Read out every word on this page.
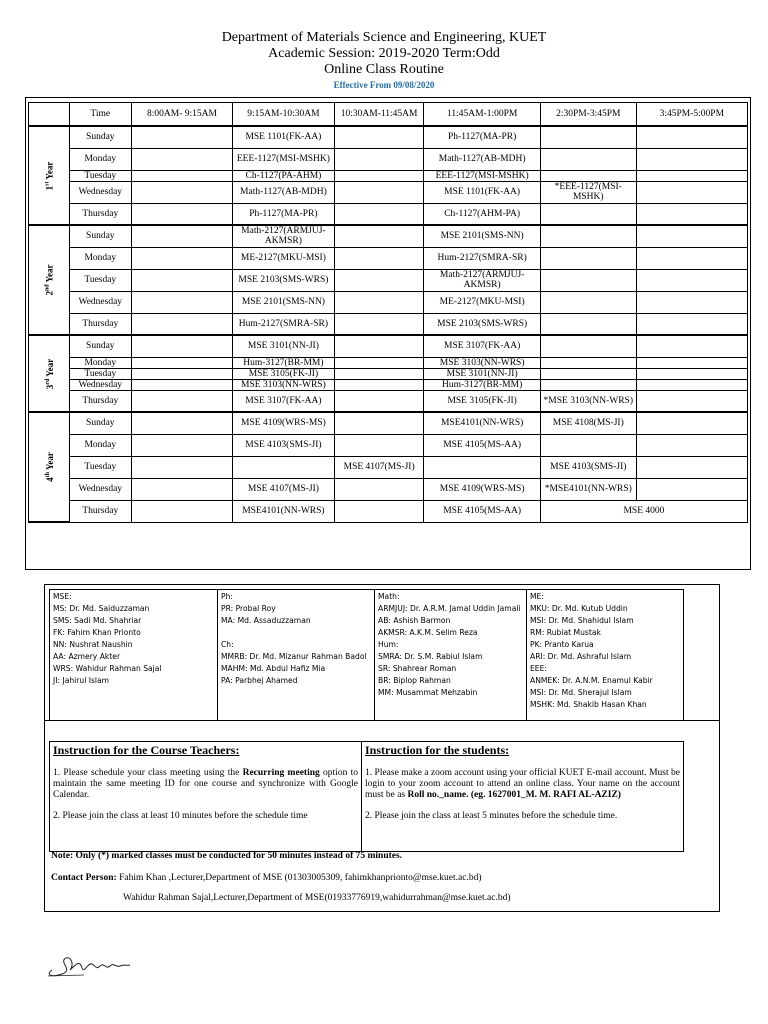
Department of Materials Science and Engineering, KUET
Academic Session: 2019-2020 Term:Odd
Online Class Routine
Effective From 09/08/2020
	Time	8:00AM- 9:15AM	9:15AM-10:30AM	10:30AM-11:45AM	11:45AM-1:00PM	2:30PM-3:45PM	3:45PM-5:00PM
1st Year	Sunday		MSE 1101(FK-AA)		Ph-1127(MA-PR)		
	Monday		EEE-1127(MSI-MSHK)		Math-1127(AB-MDH)		
	Tuesday		Ch-1127(PA-AHM)		EEE-1127(MSI-MSHK)		
	Wednesday		Math-1127(AB-MDH)		MSE 1101(FK-AA)	*EEE-1127(MSI-MSHK)	
	Thursday		Ph-1127(MA-PR)		Ch-1127(AHM-PA)		
2nd Year	Sunday		Math-2127(ARMJUJ-AKMSR)		MSE 2101(SMS-NN)		
	Monday		ME-2127(MKU-MSI)		Hum-2127(SMRA-SR)		
	Tuesday		MSE 2103(SMS-WRS)		Math-2127(ARMJUJ-AKMSR)		
	Wednesday		MSE 2101(SMS-NN)		ME-2127(MKU-MSI)		
	Thursday		Hum-2127(SMRA-SR)		MSE 2103(SMS-WRS)		
3rd Year	Sunday		MSE 3101(NN-JI)		MSE 3107(FK-AA)		
	Monday		Hum-3127(BR-MM)		MSE 3103(NN-WRS)		
	Tuesday		MSE 3105(FK-JI)		MSE 3101(NN-JI)		
	Wednesday		MSE 3103(NN-WRS)		Hum-3127(BR-MM)		
	Thursday		MSE 3107(FK-AA)		MSE 3105(FK-JI)	*MSE 3103(NN-WRS)	
4th Year	Sunday		MSE 4109(WRS-MS)		MSE4101(NN-WRS)	MSE 4108(MS-JI)	
	Monday		MSE 4103(SMS-JI)		MSE 4105(MS-AA)		
	Tuesday			MSE 4107(MS-JI)		MSE 4103(SMS-JI)	
	Wednesday		MSE 4107(MS-JI)		MSE 4109(WRS-MS)	*MSE4101(NN-WRS)	
	Thursday		MSE4101(NN-WRS)		MSE 4105(MS-AA)	MSE 4000	
MSE:
MS: Dr. Md. Saiduzzaman
SMS: Sadi Md. Shahriar
FK: Fahim Khan Prionto
NN: Nushrat Naushin
AA: Azmery Akter
WRS: Wahidur Rahman Sajal
JI: Jahirul Islam	Ph:
PR: Probal Roy
MA: Md. Assaduzzaman

Ch:
MMRB: Dr. Md. Mizanur Rahman Badol
MAHM: Md. Abdul Hafiz Mia
PA: Parbhej Ahamed	Math:
ARMJUJ: Dr. A.R.M. Jamal Uddin Jamali
AB: Ashish Barmon
AKMSR: A.K.M. Selim Reza
Hum:
SMRA: Dr. S.M. Rabiul Islam
SR: Shahrear Roman
BR: Biplop Rahman
MM: Musammat Mehzabin	ME:
MKU: Dr. Md. Kutub Uddin
MSI: Dr. Md. Shahidul Islam
RM: Rubiat Mustak
PK: Pranto Karua
ARI: Dr. Md. Ashraful Islam
EEE:
ANMEK: Dr. A.N.M. Enamul Kabir
MSI: Dr. Md. Sherajul Islam
MSHK: Md. Shakib Hasan Khan
Instruction for the Course Teachers:

1. Please schedule your class meeting using the Recurring meeting option to maintain the same meeting ID for one course and synchronize with Google Calendar.

2. Please join the class at least 10 minutes before the schedule time

Instruction for the students:

1. Please make a zoom account using your official KUET E-mail account. Must be login to your zoom account to attend an online class. Your name on the account must be as Roll no._name. (eg. 1627001_M. M. RAFI AL-AZIZ)

2. Please join the class at least 5 minutes before the schedule time.

Note: Only (*) marked classes must be conducted for 50 minutes instead of 75 minutes.
Contact Person: Fahim Khan ,Lecturer,Department of MSE (01303005309, fahimkhanprionto@mse.kuet.ac.bd)
Wahidur Rahman Sajal,Lecturer,Department of MSE(01933776919,wahidurrahman@mse.kuet.ac.bd)
